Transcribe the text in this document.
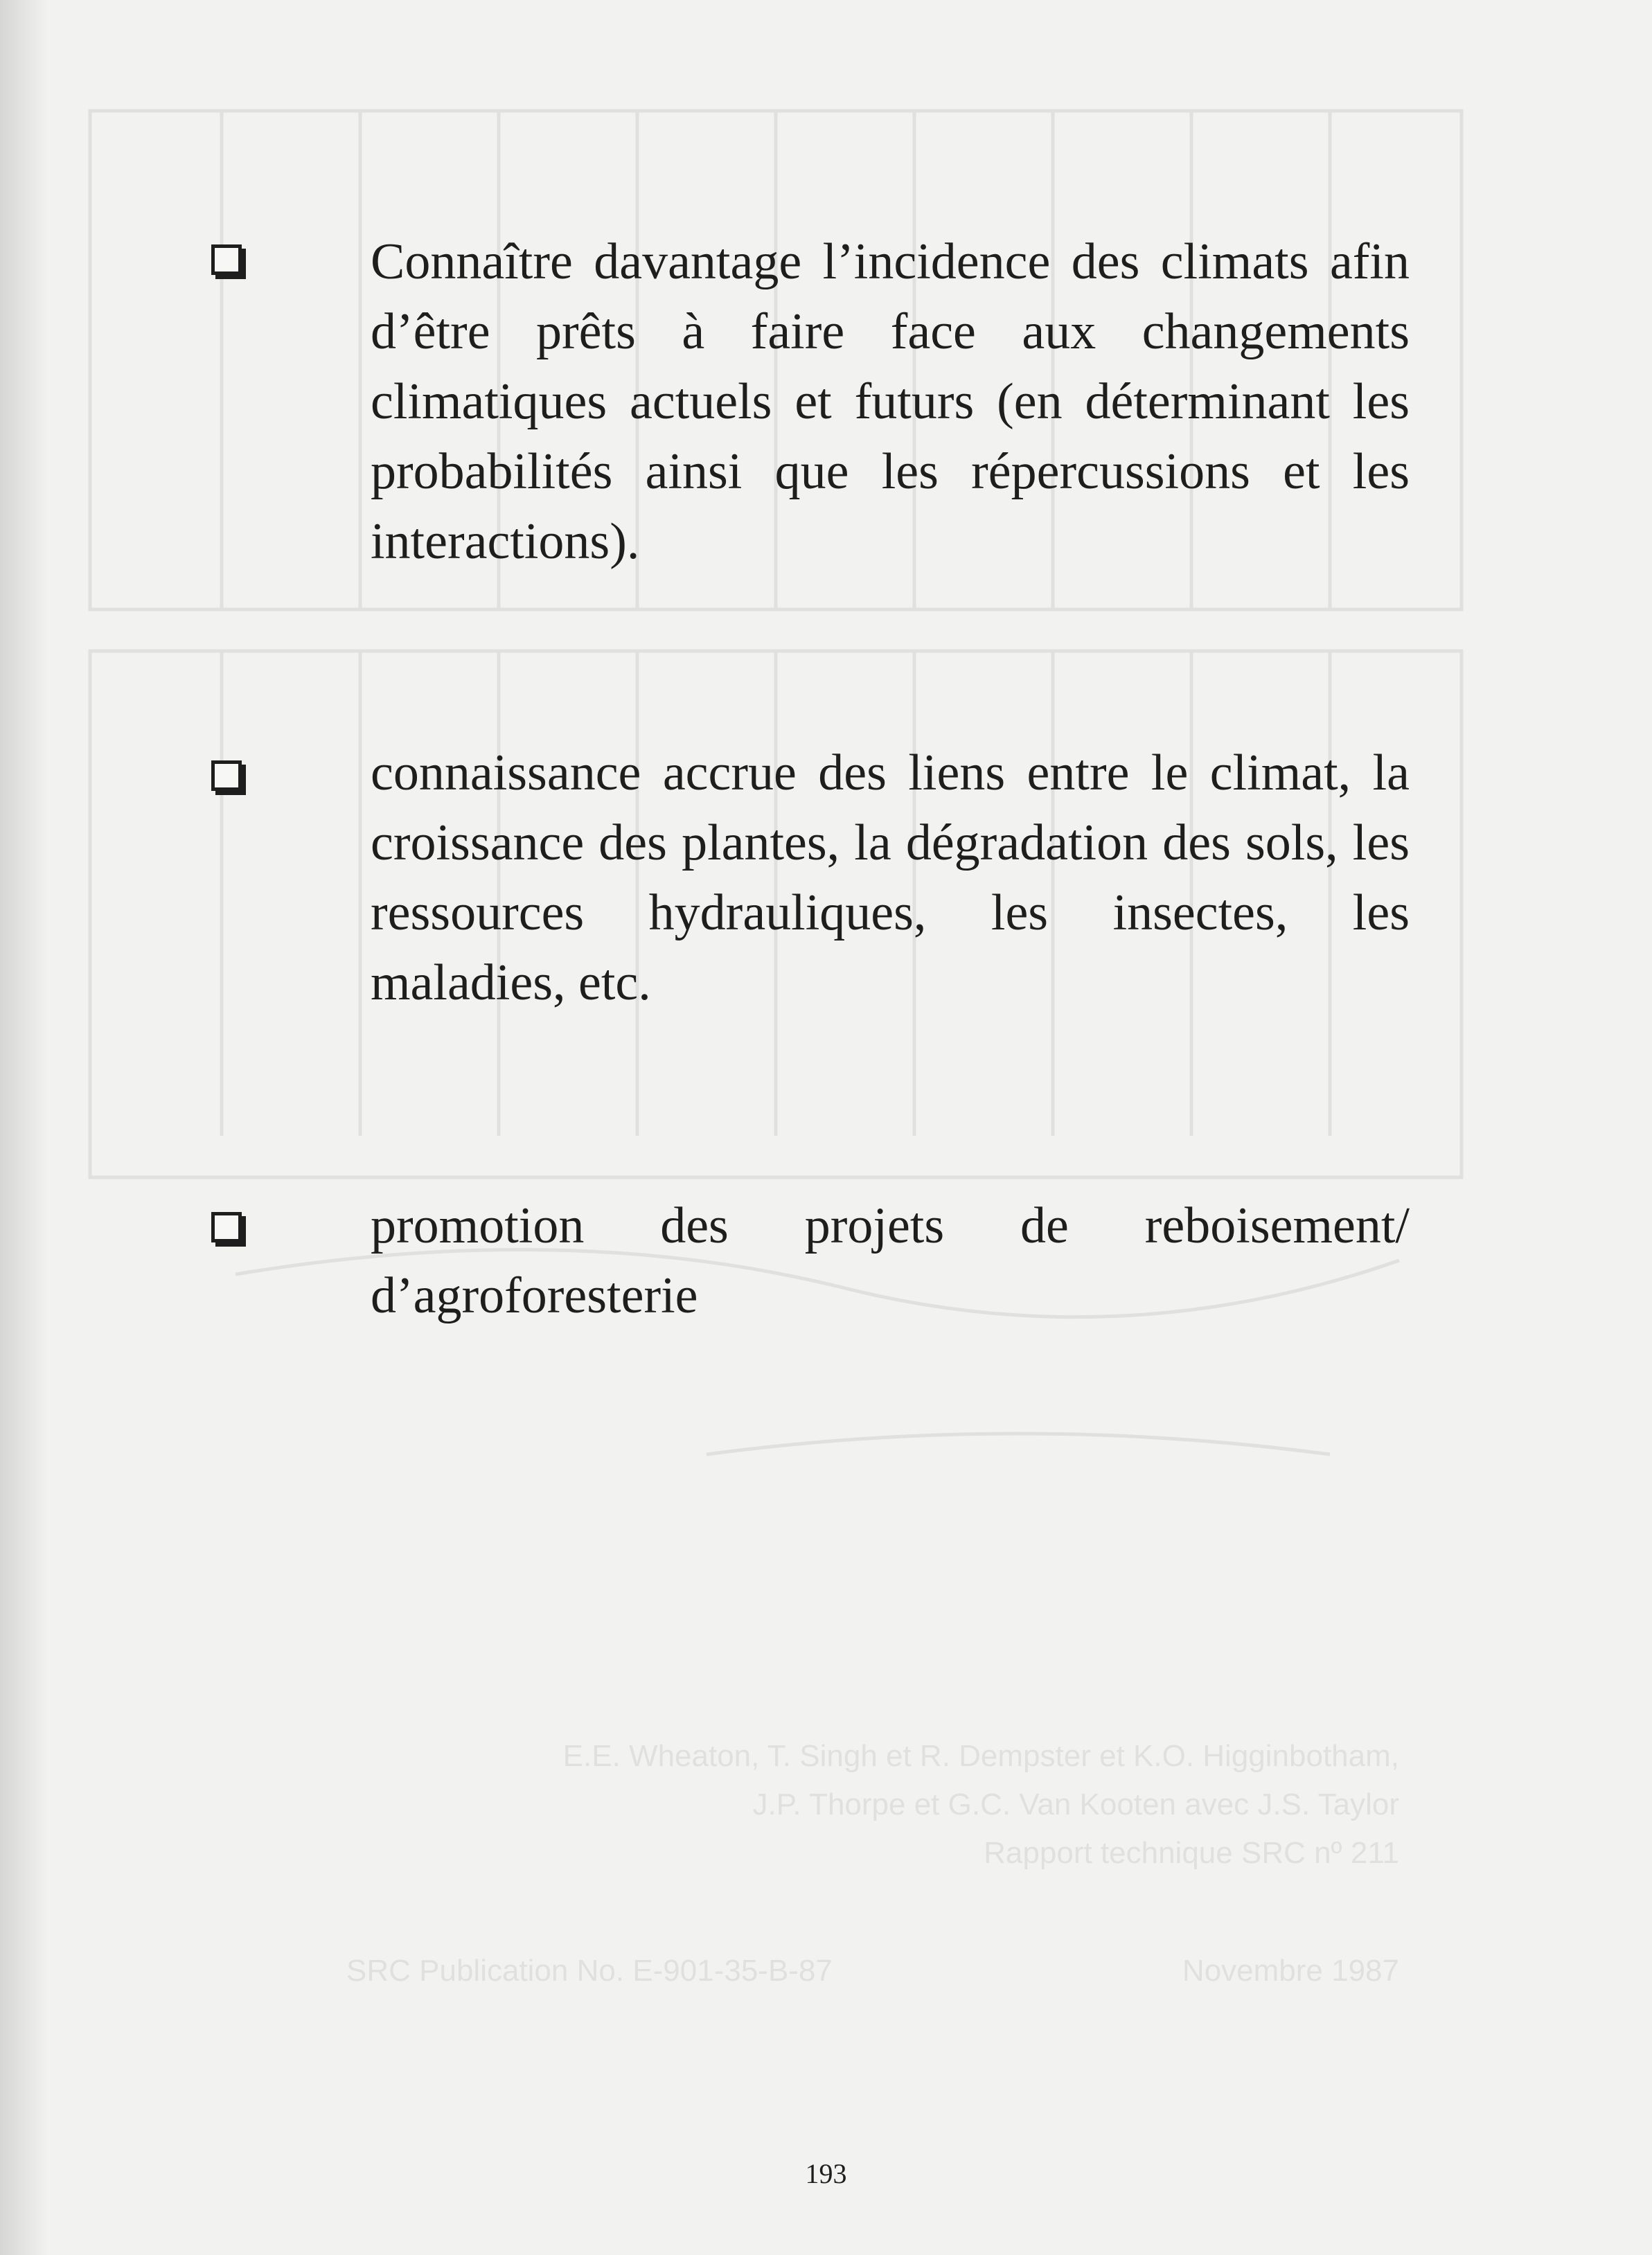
E.E. Wheaton, T. Singh et R. Dempster et K.O. Higginbotham,
J.P. Thorpe et G.C. Van Kooten avec J.S. Taylor
Rapport technique SRC nº 211
Novembre 1987
SRC Publication No. E-901-35-B-87

Connaître davantage l’incidence des climats afin d’être prêts à faire face aux changements climatiques actuels et futurs (en déterminant les probabilités ainsi que les répercussions et les interactions).

connaissance accrue des liens entre le climat, la croissance des plantes, la dégradation des sols, les ressources hydrauliques, les insectes, les maladies, etc.

promotion des projets de reboisement/ d’agroforesterie

193
